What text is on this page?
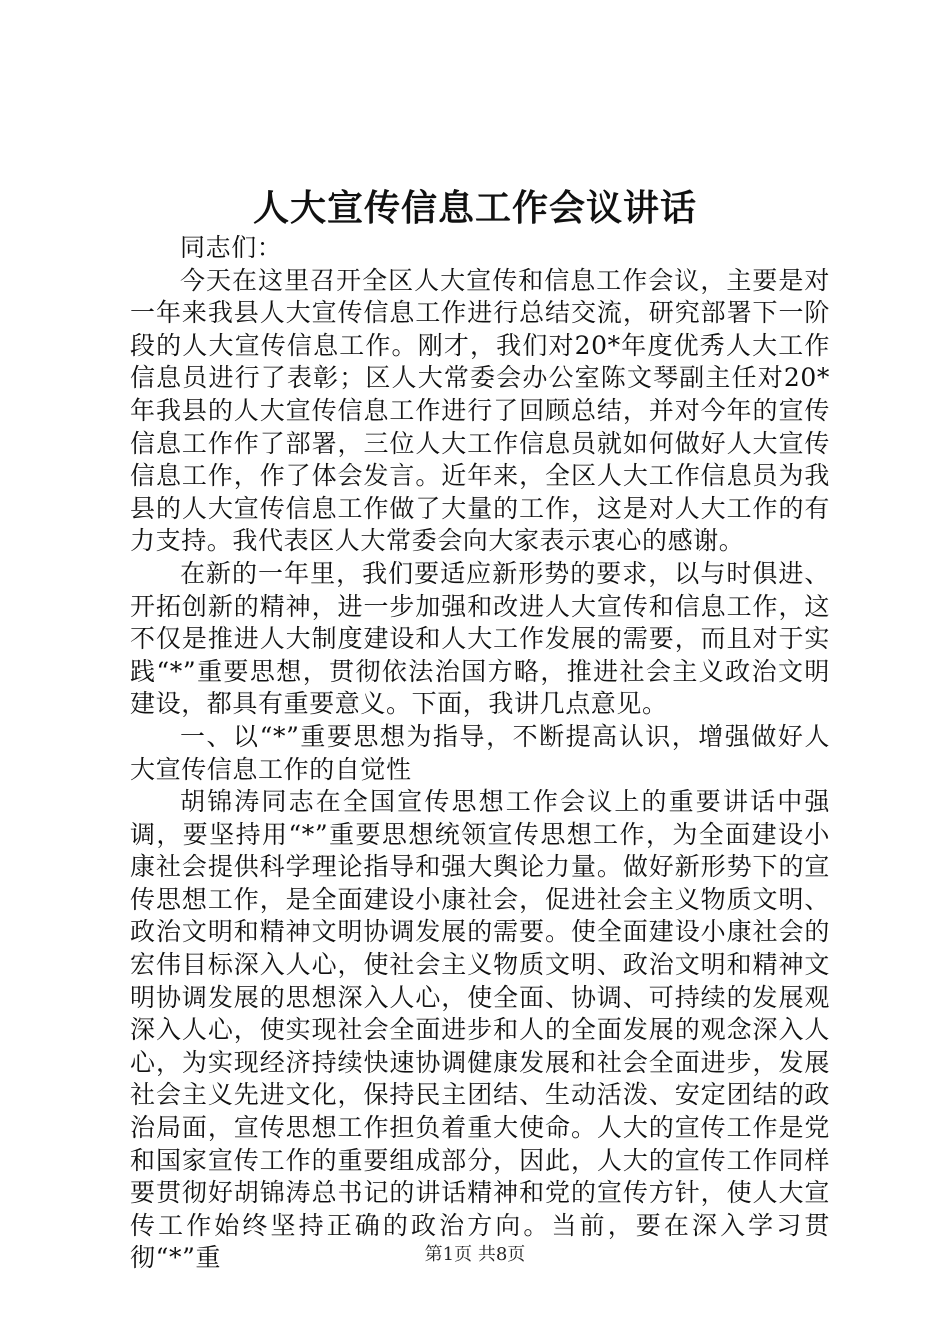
人大宣传信息工作会议讲话

同志们：

今天在这里召开全区人大宣传和信息工作会议，主要是对一年来我县人大宣传信息工作进行总结交流，研究部署下一阶段的人大宣传信息工作。刚才，我们对20*年度优秀人大工作信息员进行了表彰；区人大常委会办公室陈文琴副主任对20*年我县的人大宣传信息工作进行了回顾总结，并对今年的宣传信息工作作了部署，三位人大工作信息员就如何做好人大宣传信息工作，作了体会发言。近年来，全区人大工作信息员为我县的人大宣传信息工作做了大量的工作，这是对人大工作的有力支持。我代表区人大常委会向大家表示衷心的感谢。

在新的一年里，我们要适应新形势的要求，以与时俱进、开拓创新的精神，进一步加强和改进人大宣传和信息工作，这不仅是推进人大制度建设和人大工作发展的需要，而且对于实践“*”重要思想，贯彻依法治国方略，推进社会主义政治文明建设，都具有重要意义。下面，我讲几点意见。

一、以“*”重要思想为指导，不断提高认识，增强做好人大宣传信息工作的自觉性

胡锦涛同志在全国宣传思想工作会议上的重要讲话中强调，要坚持用“*”重要思想统领宣传思想工作，为全面建设小康社会提供科学理论指导和强大舆论力量。做好新形势下的宣传思想工作，是全面建设小康社会，促进社会主义物质文明、政治文明和精神文明协调发展的需要。使全面建设小康社会的宏伟目标深入人心，使社会主义物质文明、政治文明和精神文明协调发展的思想深入人心，使全面、协调、可持续的发展观深入人心，使实现社会全面进步和人的全面发展的观念深入人心，为实现经济持续快速协调健康发展和社会全面进步，发展社会主义先进文化，保持民主团结、生动活泼、安定团结的政治局面，宣传思想工作担负着重大使命。人大的宣传工作是党和国家宣传工作的重要组成部分，因此，人大的宣传工作同样要贯彻好胡锦涛总书记的讲话精神和党的宣传方针，使人大宣传工作始终坚持正确的政治方向。当前，要在深入学习贯彻“*”重	第1页 共8页
